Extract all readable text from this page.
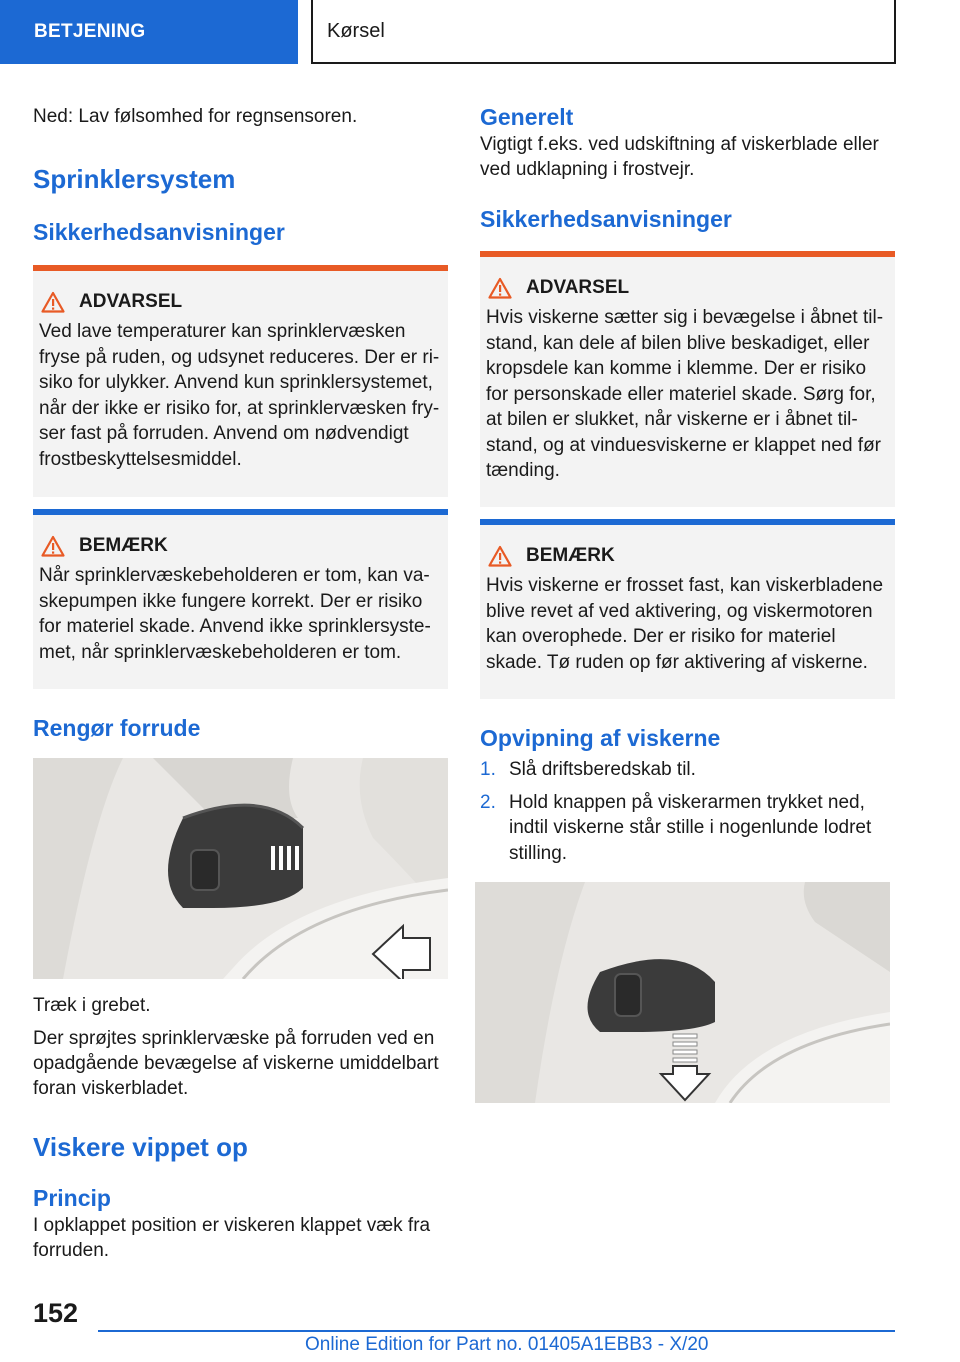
BETJENING	Kørsel

Ned: Lav følsomhed for regnsensoren.

Sprinklersystem
Sikkerhedsanvisninger
ADVARSEL

Ved lave temperaturer kan sprinklervæsken fryse på ruden, og udsynet reduceres. Der er ri-siko for ulykker. Anvend kun sprinklersystemet, når der ikke er risiko for, at sprinklervæsken fry-ser fast på forruden. Anvend om nødvendigt frostbeskyttelsesmiddel.

BEMÆRK

Når sprinklervæskebeholderen er tom, kan va-skepumpen ikke fungere korrekt. Der er risiko for materiel skade. Anvend ikke sprinklersyste-met, når sprinklervæskebeholderen er tom.

Rengør forrude

Træk i grebet.

Der sprøjtes sprinklervæske på forruden ved en opadgående bevægelse af viskerne umiddelbart foran viskerbladet.

Viskere vippet op
Princip

I opklappet position er viskeren klappet væk fra forruden.

Generelt

Vigtigt f.eks. ved udskiftning af viskerblade eller ved udklapning i frostvejr.

Sikkerhedsanvisninger
ADVARSEL

Hvis viskerne sætter sig i bevægelse i åbnet til-stand, kan dele af bilen blive beskadiget, eller kropsdele kan komme i klemme. Der er risiko for personskade eller materiel skade. Sørg for, at bilen er slukket, når viskerne er i åbnet til-stand, og at vinduesviskerne er klappet ned før tænding.

BEMÆRK

Hvis viskerne er frosset fast, kan viskerbladene blive revet af ved aktivering, og viskermotoren kan overophede. Der er risiko for materiel skade. Tø ruden op før aktivering af viskerne.

Opvipning af viskerne
1. Slå driftsberedskab til.
2. Hold knappen på viskerarmen trykket ned, indtil viskerne står stille i nogenlunde lodret stilling.
152
Online Edition for Part no. 01405A1EBB3 - X/20
